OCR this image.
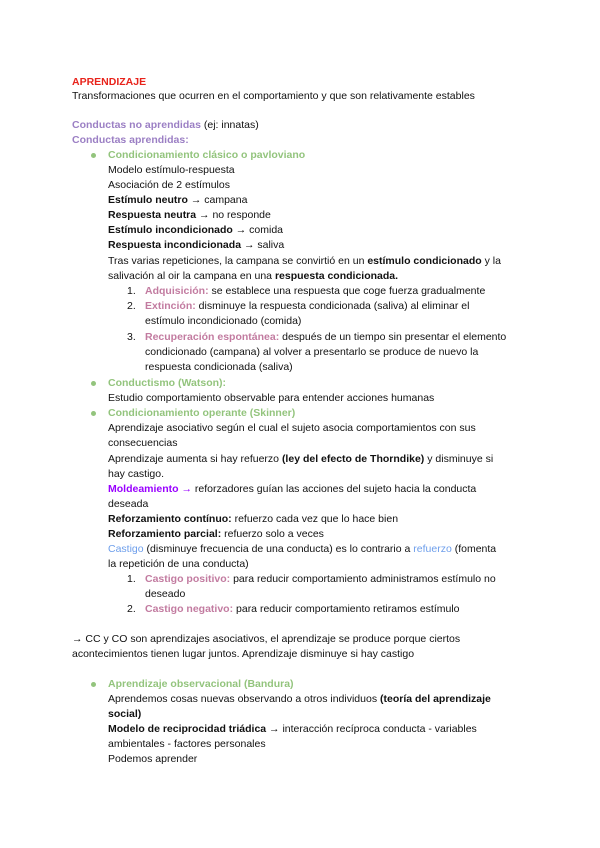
APRENDIZAJE
Transformaciones que ocurren en el comportamiento y que son relativamente estables
Conductas no aprendidas (ej: innatas)
Conductas aprendidas:
Condicionamiento clásico o pavloviano
Modelo estímulo-respuesta
Asociación de 2 estímulos
Estímulo neutro → campana
Respuesta neutra → no responde
Estímulo incondicionado → comida
Respuesta incondicionada → saliva
Tras varias repeticiones, la campana se convirtió en un estímulo condicionado y la
salivación al oir la campana en una respuesta condicionada.
1. Adquisición: se establece una respuesta que coge fuerza gradualmente
2. Extinción: disminuye la respuesta condicionada (saliva) al eliminar el
estímulo incondicionado (comida)
3. Recuperación espontánea: después de un tiempo sin presentar el elemento
condicionado (campana) al volver a presentarlo se produce de nuevo la
respuesta condicionada (saliva)
Conductismo (Watson):
Estudio comportamiento observable para entender acciones humanas
Condicionamiento operante (Skinner)
Aprendizaje asociativo según el cual el sujeto asocia comportamientos con sus
consecuencias
Aprendizaje aumenta si hay refuerzo (ley del efecto de Thorndike) y disminuye si
hay castigo.
Moldeamiento → reforzadores guían las acciones del sujeto hacia la conducta
deseada
Reforzamiento contínuo: refuerzo cada vez que lo hace bien
Reforzamiento parcial: refuerzo solo a veces
Castigo (disminuye frecuencia de una conducta) es lo contrario a refuerzo (fomenta
la repetición de una conducta)
1. Castigo positivo: para reducir comportamiento administramos estímulo no
deseado
2. Castigo negativo: para reducir comportamiento retiramos estímulo
→ CC y CO son aprendizajes asociativos, el aprendizaje se produce porque ciertos
acontecimientos tienen lugar juntos. Aprendizaje disminuye si hay castigo
Aprendizaje observacional (Bandura)
Aprendemos cosas nuevas observando a otros individuos (teoría del aprendizaje
social)
Modelo de reciprocidad triádica → interacción recíproca conducta - variables
ambientales - factores personales
Podemos aprender
